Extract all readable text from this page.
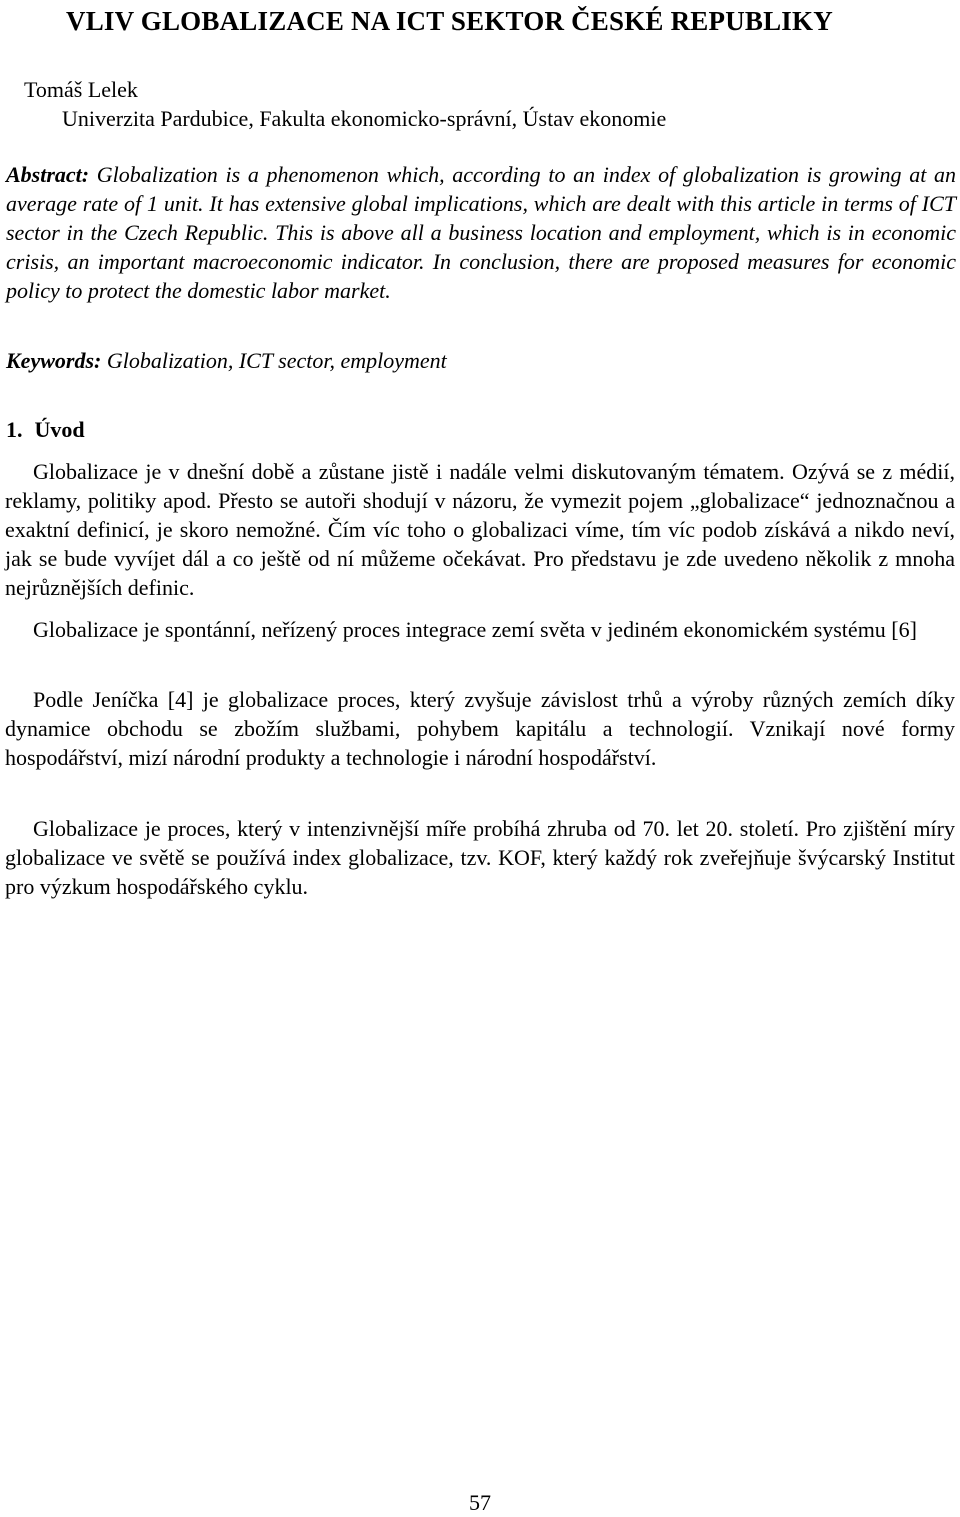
VLIV GLOBALIZACE NA ICT SEKTOR ČESKÉ REPUBLIKY
Tomáš Lelek
Univerzita Pardubice, Fakulta ekonomicko-správní, Ústav ekonomie
Abstract: Globalization is a phenomenon which, according to an index of globalization is growing at an average rate of 1 unit. It has extensive global implications, which are dealt with this article in terms of ICT sector in the Czech Republic. This is above all a business location and employment, which is in economic crisis, an important macroeconomic indicator. In conclusion, there are proposed measures for economic policy to protect the domestic labor market.
Keywords: Globalization, ICT sector, employment
1. Úvod

Globalizace je v dnešní době a zůstane jistě i nadále velmi diskutovaným tématem. Ozývá se z médií, reklamy, politiky apod. Přesto se autoři shodují v názoru, že vymezit pojem „globalizace“ jednoznačnou a exaktní definicí, je skoro nemožné. Čím víc toho o globalizaci víme, tím víc podob získává a nikdo neví, jak se bude vyvíjet dál a co ještě od ní můžeme očekávat. Pro představu je zde uvedeno několik z mnoha nejrůznějších definic.

Globalizace je spontánní, neřízený proces integrace zemí světa v jediném ekonomickém systému [6]

Podle Jeníčka [4] je globalizace proces, který zvyšuje závislost trhů a výroby různých zemích díky dynamice obchodu se zbožím službami, pohybem kapitálu a technologií. Vznikají nové formy hospodářství, mizí národní produkty a technologie i národní hospodářství.

Globalizace je proces, který v intenzivnější míře probíhá zhruba od 70. let 20. století. Pro zjištění míry globalizace ve světě se používá index globalizace, tzv. KOF, který každý rok zveřejňuje švýcarský Institut pro výzkum hospodářského cyklu.

57
